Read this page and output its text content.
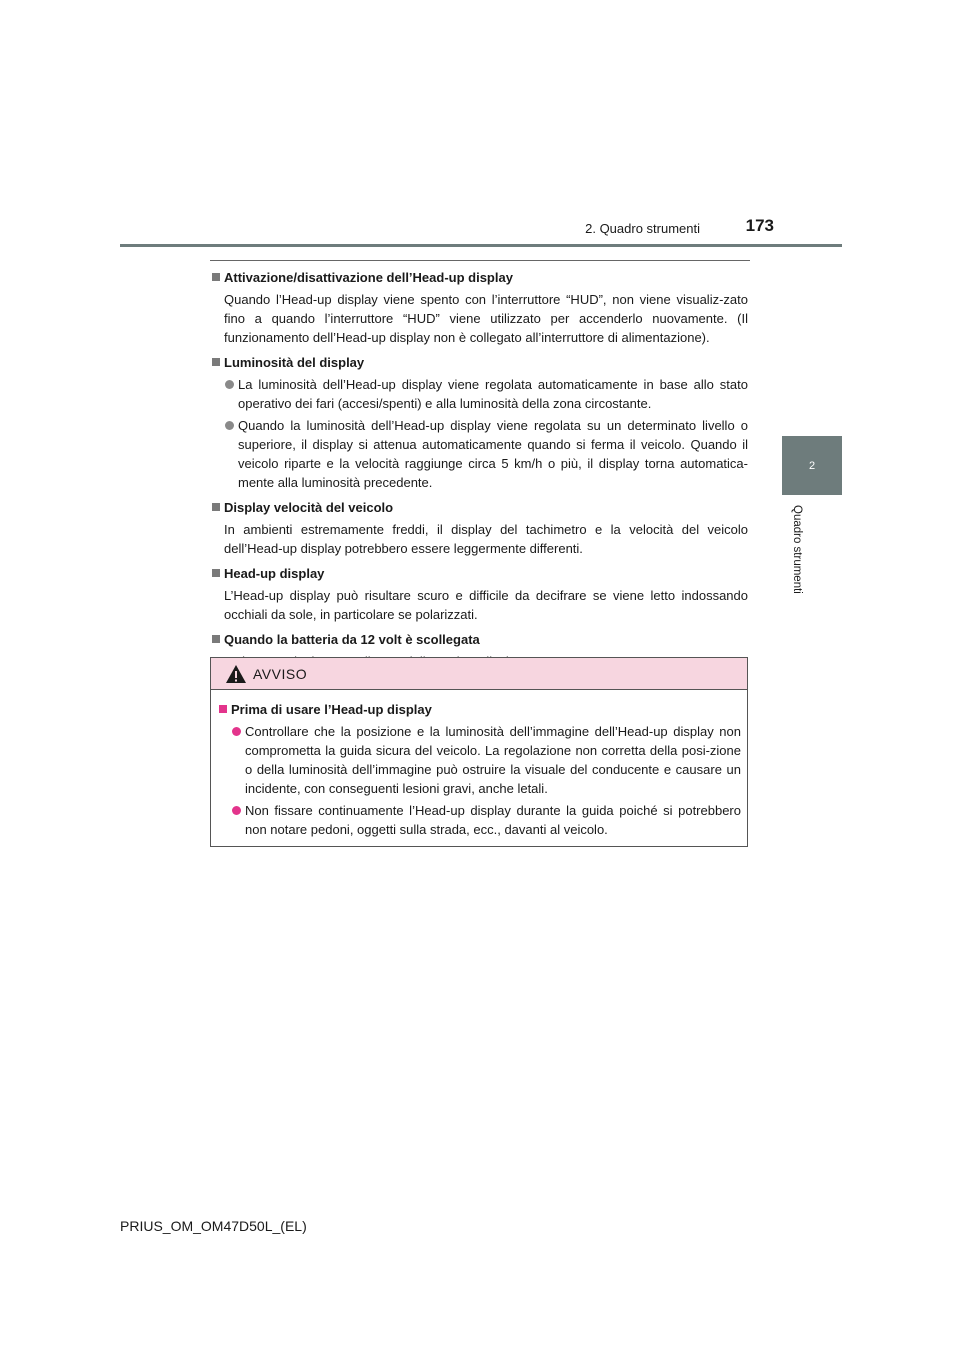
2. Quadro strumenti	173
2
Quadro strumenti
Attivazione/disattivazione dell’Head-up display
Quando l’Head-up display viene spento con l’interruttore “HUD”, non viene visualiz-zato fino a quando l’interruttore “HUD” viene utilizzato per accenderlo nuovamente. (Il funzionamento dell’Head-up display non è collegato all’interruttore di alimentazione).
Luminosità del display
La luminosità dell’Head-up display viene regolata automaticamente in base allo stato operativo dei fari (accesi/spenti) e alla luminosità della zona circostante.
Quando la luminosità dell’Head-up display viene regolata su un determinato livello o superiore, il display si attenua automaticamente quando si ferma il veicolo. Quando il veicolo riparte e la velocità raggiunge circa 5 km/h o più, il display torna automatica-mente alla luminosità precedente.
Display velocità del veicolo
In ambienti estremamente freddi, il display del tachimetro e la velocità del veicolo dell’Head-up display potrebbero essere leggermente differenti.
Head-up display
L’Head-up display può risultare scuro e difficile da decifrare se viene letto indossando occhiali da sole, in particolare se polarizzati.
Quando la batteria da 12 volt è scollegata
AVVISO
Prima di usare l’Head-up display
Controllare che la posizione e la luminosità dell’immagine dell’Head-up display non comprometta la guida sicura del veicolo. La regolazione non corretta della posi-zione o della luminosità dell’immagine può ostruire la visuale del conducente e causare un incidente, con conseguenti lesioni gravi, anche letali.
Non fissare continuamente l’Head-up display durante la guida poiché si potrebbero non notare pedoni, oggetti sulla strada, ecc., davanti al veicolo.
PRIUS_OM_OM47D50L_(EL)
